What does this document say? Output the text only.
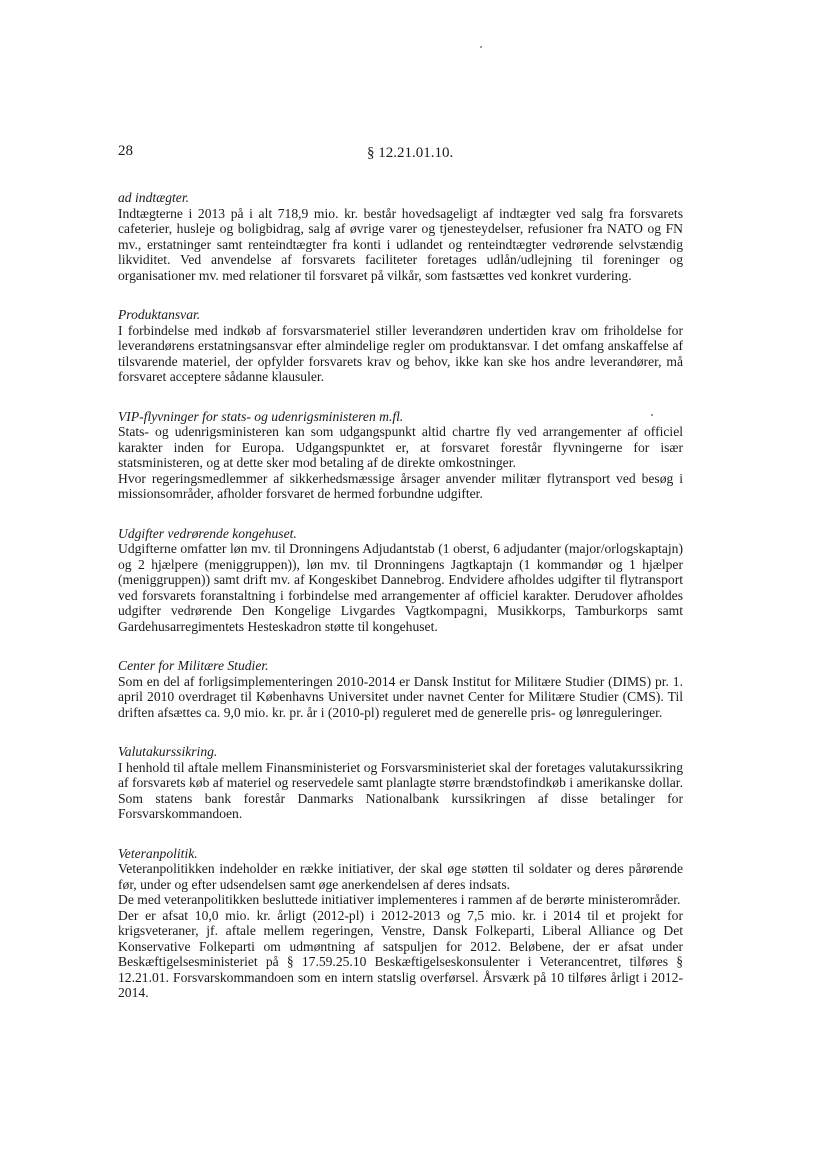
28	§ 12.21.01.10.

ad indtægter.

Indtægterne i 2013 på i alt 718,9 mio. kr. består hovedsageligt af indtægter ved salg fra forsvarets cafeterier, husleje og boligbidrag, salg af øvrige varer og tjenesteydelser, refusioner fra NATO og FN mv., erstatninger samt renteindtægter fra konti i udlandet og renteindtægter vedrørende selvstændig likviditet. Ved anvendelse af forsvarets faciliteter foretages udlån/udlejning til foreninger og organisationer mv. med relationer til forsvaret på vilkår, som fastsættes ved konkret vurdering.

Produktansvar.

I forbindelse med indkøb af forsvarsmateriel stiller leverandøren undertiden krav om friholdelse for leverandørens erstatningsansvar efter almindelige regler om produktansvar. I det omfang anskaffelse af tilsvarende materiel, der opfylder forsvarets krav og behov, ikke kan ske hos andre leverandører, må forsvaret acceptere sådanne klausuler.

VIP-flyvninger for stats- og udenrigsministeren m.fl.

Stats- og udenrigsministeren kan som udgangspunkt altid chartre fly ved arrangementer af officiel karakter inden for Europa. Udgangspunktet er, at forsvaret forestår flyvningerne for især statsministeren, og at dette sker mod betaling af de direkte omkostninger.

Hvor regeringsmedlemmer af sikkerhedsmæssige årsager anvender militær flytransport ved besøg i missionsområder, afholder forsvaret de hermed forbundne udgifter.

Udgifter vedrørende kongehuset.

Udgifterne omfatter løn mv. til Dronningens Adjudantstab (1 oberst, 6 adjudanter (major/orlogskaptajn) og 2 hjælpere (meniggruppen)), løn mv. til Dronningens Jagtkaptajn (1 kommandør og 1 hjælper (meniggruppen)) samt drift mv. af Kongeskibet Dannebrog. Endvidere afholdes udgifter til flytransport ved forsvarets foranstaltning i forbindelse med arrangementer af officiel karakter. Derudover afholdes udgifter vedrørende Den Kongelige Livgardes Vagtkompagni, Musikkorps, Tamburkorps samt Gardehusarregimentets Hesteskadron støtte til kongehuset.

Center for Militære Studier.

Som en del af forligsimplementeringen 2010-2014 er Dansk Institut for Militære Studier (DIMS) pr. 1. april 2010 overdraget til Københavns Universitet under navnet Center for Militære Studier (CMS). Til driften afsættes ca. 9,0 mio. kr. pr. år i (2010-pl) reguleret med de generelle pris- og lønreguleringer.

Valutakurssikring.

I henhold til aftale mellem Finansministeriet og Forsvarsministeriet skal der foretages valutakurssikring af forsvarets køb af materiel og reservedele samt planlagte større brændstofindkøb i amerikanske dollar. Som statens bank forestår Danmarks Nationalbank kurssikringen af disse betalinger for Forsvarskommandoen.

Veteranpolitik.

Veteranpolitikken indeholder en række initiativer, der skal øge støtten til soldater og deres pårørende før, under og efter udsendelsen samt øge anerkendelsen af deres indsats.

De med veteranpolitikken besluttede initiativer implementeres i rammen af de berørte ministerområder.

Der er afsat 10,0 mio. kr. årligt (2012-pl) i 2012-2013 og 7,5 mio. kr. i 2014 til et projekt for krigsveteraner, jf. aftale mellem regeringen, Venstre, Dansk Folkeparti, Liberal Alliance og Det Konservative Folkeparti om udmøntning af satspuljen for 2012. Beløbene, der er afsat under Beskæftigelsesministeriet på § 17.59.25.10 Beskæftigelseskonsulenter i Veterancentret, tilføres § 12.21.01. Forsvarskommandoen som en intern statslig overførsel. Årsværk på 10 tilføres årligt i 2012-2014.
